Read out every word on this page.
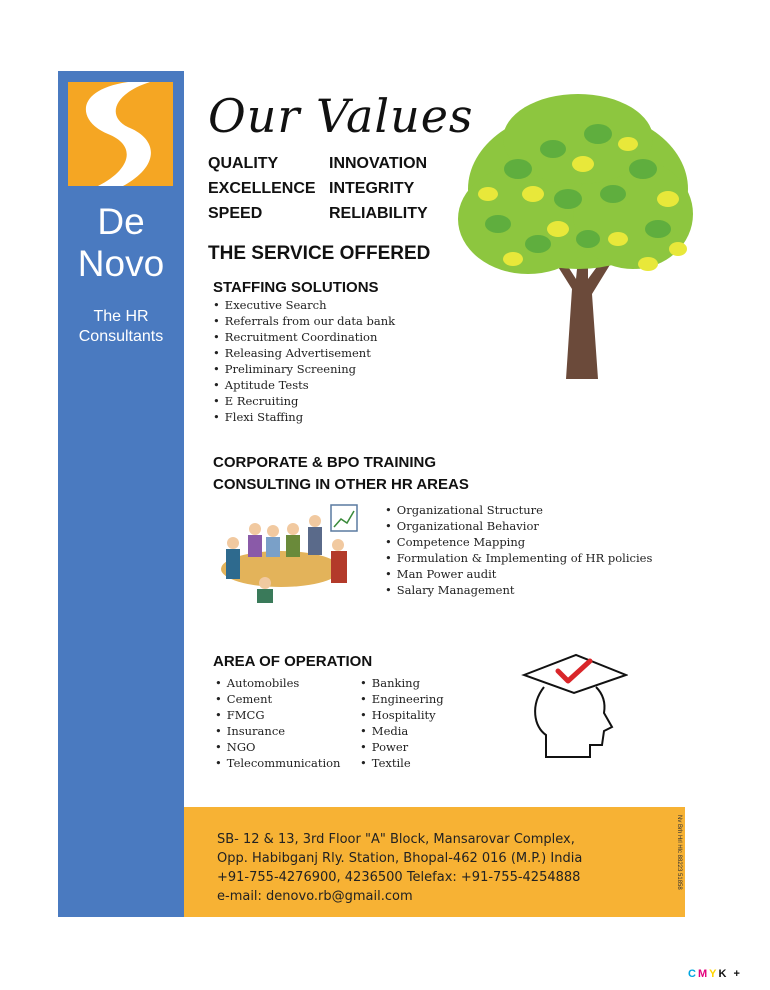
De
Novo
The HR
Consultants
Our Values
QUALITY	INNOVATION
EXCELLENCE INTEGRITY
SPEED	RELIABILITY
THE SERVICE OFFERED
STAFFING SOLUTIONS
• Executive Search
• Referrals from our data bank
• Recruitment Coordination
• Releasing Advertisement
• Preliminary Screening
• Aptitude Tests
• E Recruiting
• Flexi Staffing
CORPORATE & BPO TRAINING
CONSULTING IN OTHER HR AREAS
• Organizational Structure
• Organizational Behavior
• Competence Mapping
• Formulation & Implementing of HR policies
• Man Power audit
• Salary Management
AREA OF OPERATION
• Automobiles
• Cement
• FMCG
• Insurance
• NGO
• Telecommunication
• Banking
• Engineering
• Hospitality
• Media
• Power
• Textile
SB- 12 & 13, 3rd Floor "A" Block, Mansarovar Complex,
Opp. Habibganj Rly. Station, Bhopal-462 016 (M.P.) India
+91-755-4276900, 4236500 Telefax: +91-755-4254888
e-mail: denovo.rb@gmail.com
Nv Brh Hrl Hlc 88223 51858
CMYK +
